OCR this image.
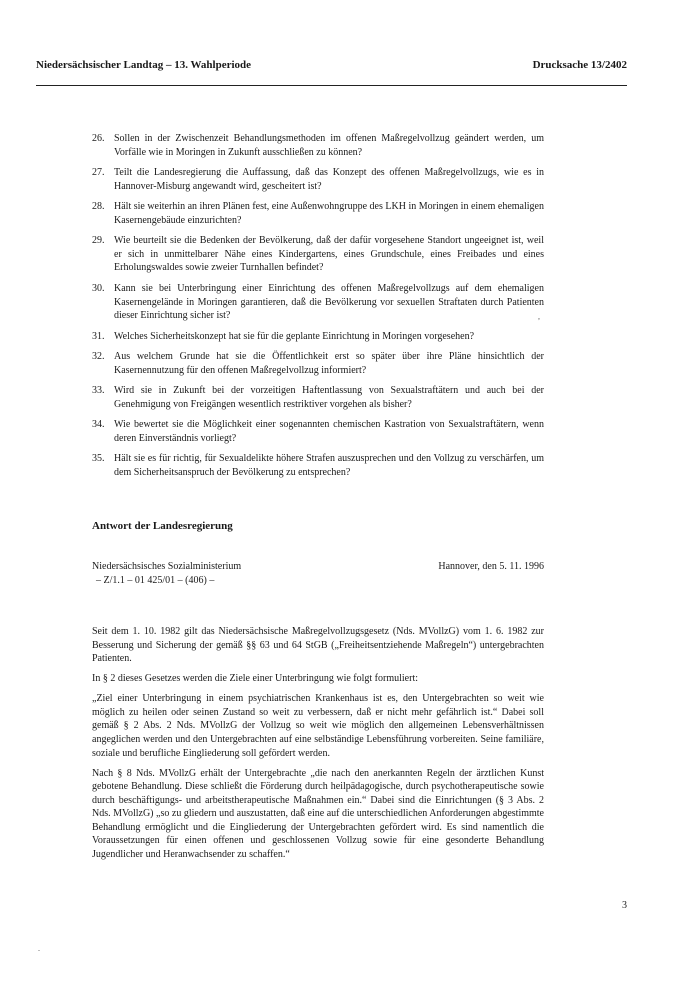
Niedersächsischer Landtag – 13. Wahlperiode	Drucksache 13/2402
26. Sollen in der Zwischenzeit Behandlungsmethoden im offenen Maßregelvollzug geändert werden, um Vorfälle wie in Moringen in Zukunft ausschließen zu können?
27. Teilt die Landesregierung die Auffassung, daß das Konzept des offenen Maßregelvollzugs, wie es in Hannover-Misburg angewandt wird, gescheitert ist?
28. Hält sie weiterhin an ihren Plänen fest, eine Außenwohngruppe des LKH in Moringen in einem ehemaligen Kasernengebäude einzurichten?
29. Wie beurteilt sie die Bedenken der Bevölkerung, daß der dafür vorgesehene Standort ungeeignet ist, weil er sich in unmittelbarer Nähe eines Kindergartens, eines Grundschule, eines Freibades und eines Erholungswaldes sowie zweier Turnhallen befindet?
30. Kann sie bei Unterbringung einer Einrichtung des offenen Maßregelvollzugs auf dem ehemaligen Kasernengelände in Moringen garantieren, daß die Bevölkerung vor sexuellen Straftaten durch Patienten dieser Einrichtung sicher ist?
31. Welches Sicherheitskonzept hat sie für die geplante Einrichtung in Moringen vorgesehen?
32. Aus welchem Grunde hat sie die Öffentlichkeit erst so später über ihre Pläne hinsichtlich der Kasernennutzung für den offenen Maßregelvollzug informiert?
33. Wird sie in Zukunft bei der vorzeitigen Haftentlassung von Sexualstraftätern und auch bei der Genehmigung von Freigängen wesentlich restriktiver vorgehen als bisher?
34. Wie bewertet sie die Möglichkeit einer sogenannten chemischen Kastration von Sexualstraftätern, wenn deren Einverständnis vorliegt?
35. Hält sie es für richtig, für Sexualdelikte höhere Strafen auszusprechen und den Vollzug zu verschärfen, um dem Sicherheitsanspruch der Bevölkerung zu entsprechen?
Antwort der Landesregierung
Niedersächsisches Sozialministerium
– Z/1.1 – 01 425/01 – (406) –
Hannover, den 5. 11. 1996

Seit dem 1. 10. 1982 gilt das Niedersächsische Maßregelvollzugsgesetz (Nds. MVollzG) vom 1. 6. 1982 zur Besserung und Sicherung der gemäß §§ 63 und 64 StGB („Freiheitsentziehende Maßregeln“) untergebrachten Patienten.

In § 2 dieses Gesetzes werden die Ziele einer Unterbringung wie folgt formuliert:

„Ziel einer Unterbringung in einem psychiatrischen Krankenhaus ist es, den Untergebrachten so weit wie möglich zu heilen oder seinen Zustand so weit zu verbessern, daß er nicht mehr gefährlich ist.“ Dabei soll gemäß § 2 Abs. 2 Nds. MVollzG der Vollzug so weit wie möglich den allgemeinen Lebensverhältnissen angeglichen werden und den Untergebrachten auf eine selbständige Lebensführung vorbereiten. Seine familiäre, soziale und berufliche Eingliederung soll gefördert werden.

Nach § 8 Nds. MVollzG erhält der Untergebrachte „die nach den anerkannten Regeln der ärztlichen Kunst gebotene Behandlung. Diese schließt die Förderung durch heilpädagogische, durch psychotherapeutische sowie durch beschäftigungs- und arbeitstherapeutische Maßnahmen ein.“ Dabei sind die Einrichtungen (§ 3 Abs. 2 Nds. MVollzG) „so zu gliedern und auszustatten, daß eine auf die unterschiedlichen Anforderungen abgestimmte Behandlung ermöglicht und die Eingliederung der Untergebrachten gefördert wird. Es sind namentlich die Voraussetzungen für einen offenen und geschlossenen Vollzug sowie für eine gesonderte Behandlung Jugendlicher und Heranwachsender zu schaffen.“

3
,
.
